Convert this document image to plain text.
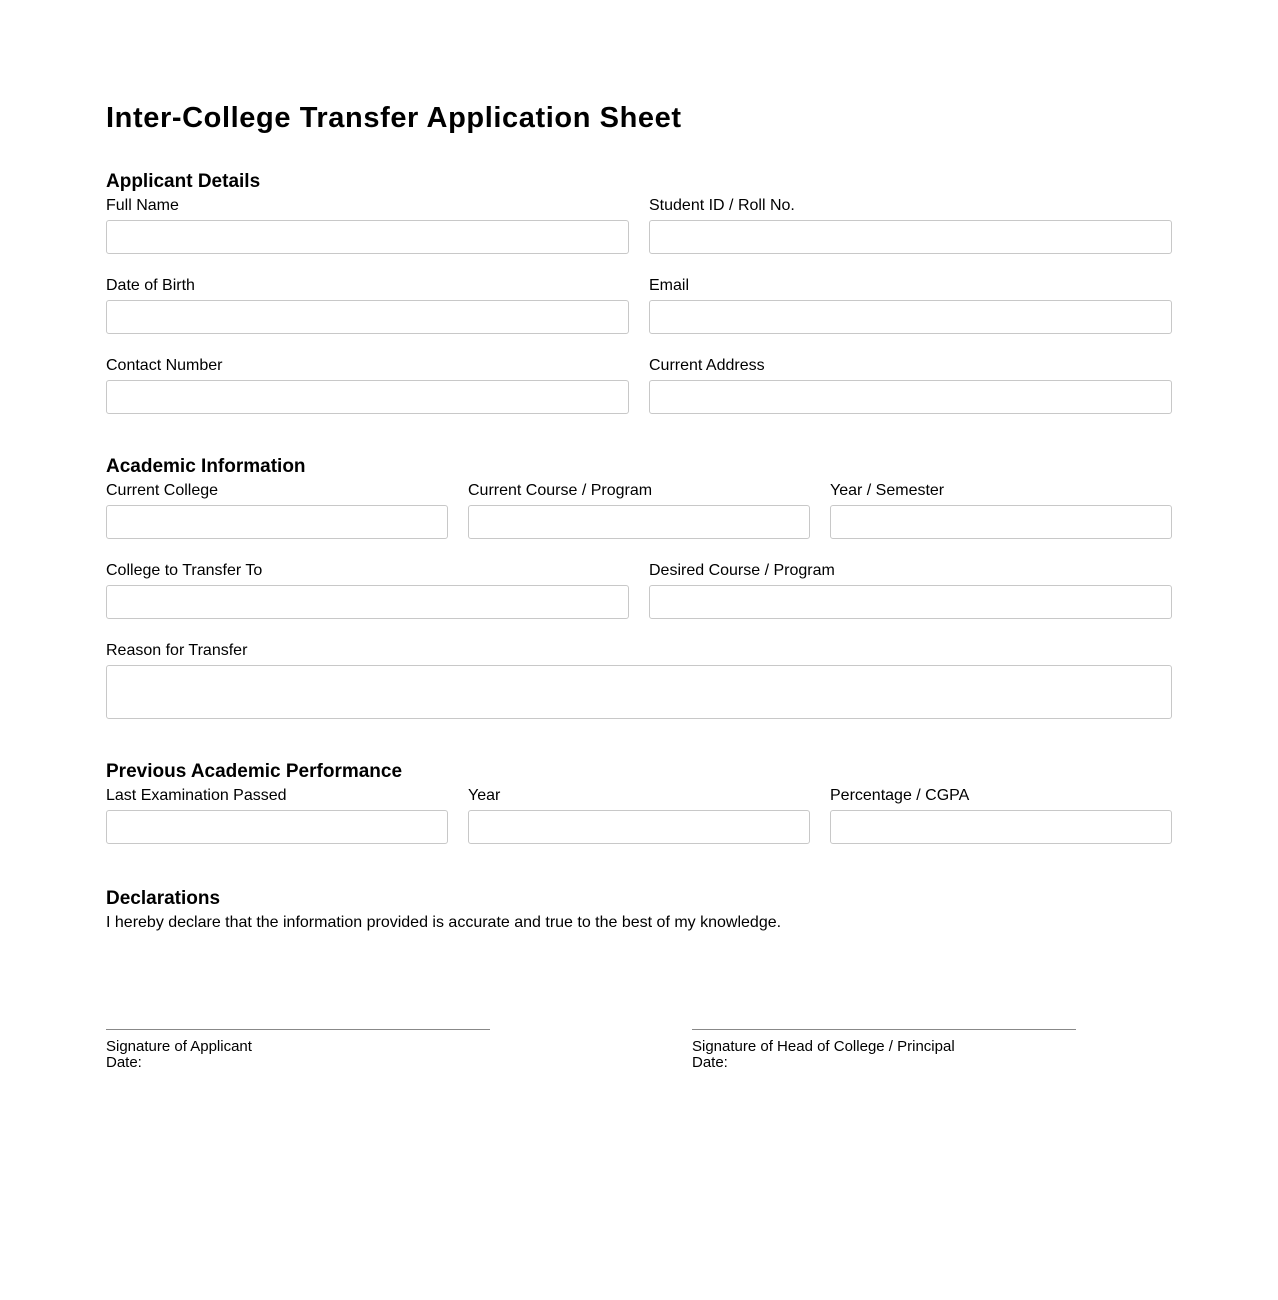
Inter-College Transfer Application Sheet
Applicant Details
Full Name	Student ID / Roll No.
Date of Birth	Email
Contact Number	Current Address
Academic Information
Current College	Current Course / Program	Year / Semester
College to Transfer To	Desired Course / Program
Reason for Transfer
Previous Academic Performance
Last Examination Passed	Year	Percentage / CGPA
Declarations

I hereby declare that the information provided is accurate and true to the best of my knowledge.

Signature of Applicant
Date:
Signature of Head of College / Principal
Date:
